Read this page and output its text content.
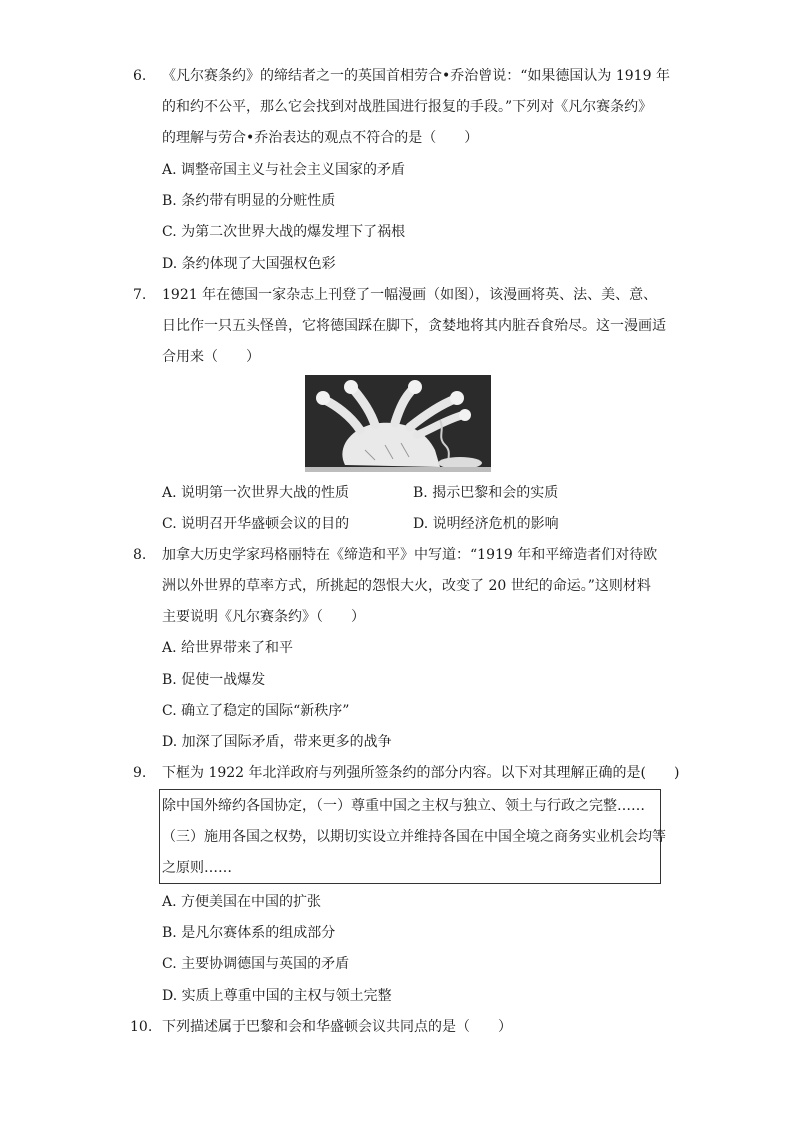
6.	《凡尔赛条约》的缔结者之一的英国首相劳合•乔治曾说：“如果德国认为 1919 年
的和约不公平，那么它会找到对战胜国进行报复的手段。”下列对《凡尔赛条约》
的理解与劳合•乔治表达的观点不符合的是（　　）
A. 调整帝国主义与社会主义国家的矛盾
B. 条约带有明显的分赃性质
C. 为第二次世界大战的爆发埋下了祸根
D. 条约体现了大国强权色彩
7.	1921 年在德国一家杂志上刊登了一幅漫画（如图），该漫画将英、法、美、意、
日比作一只五头怪兽，它将德国踩在脚下，贪婪地将其内脏吞食殆尽。这一漫画适
合用来（　　）
A. 说明第一次世界大战的性质	B. 揭示巴黎和会的实质
C. 说明召开华盛顿会议的目的	D. 说明经济危机的影响
8.	加拿大历史学家玛格丽特在《缔造和平》中写道：“1919 年和平缔造者们对待欧
洲以外世界的草率方式，所挑起的怨恨大火，改变了 20 世纪的命运。”这则材料
主要说明《凡尔赛条约》（　　）
A. 给世界带来了和平
B. 促使一战爆发
C. 确立了稳定的国际“新秩序”
D. 加深了国际矛盾，带来更多的战争
9.	下框为 1922 年北洋政府与列强所签条约的部分内容。以下对其理解正确的是(　　)
除中国外缔约各国协定，（一）尊重中国之主权与独立、领土与行政之完整……
（三）施用各国之权势，以期切实设立并维持各国在中国全境之商务实业机会均等
之原则……
A. 方便美国在中国的扩张
B. 是凡尔赛体系的组成部分
C. 主要协调德国与英国的矛盾
D. 实质上尊重中国的主权与领土完整
10. 下列描述属于巴黎和会和华盛顿会议共同点的是（　　）
